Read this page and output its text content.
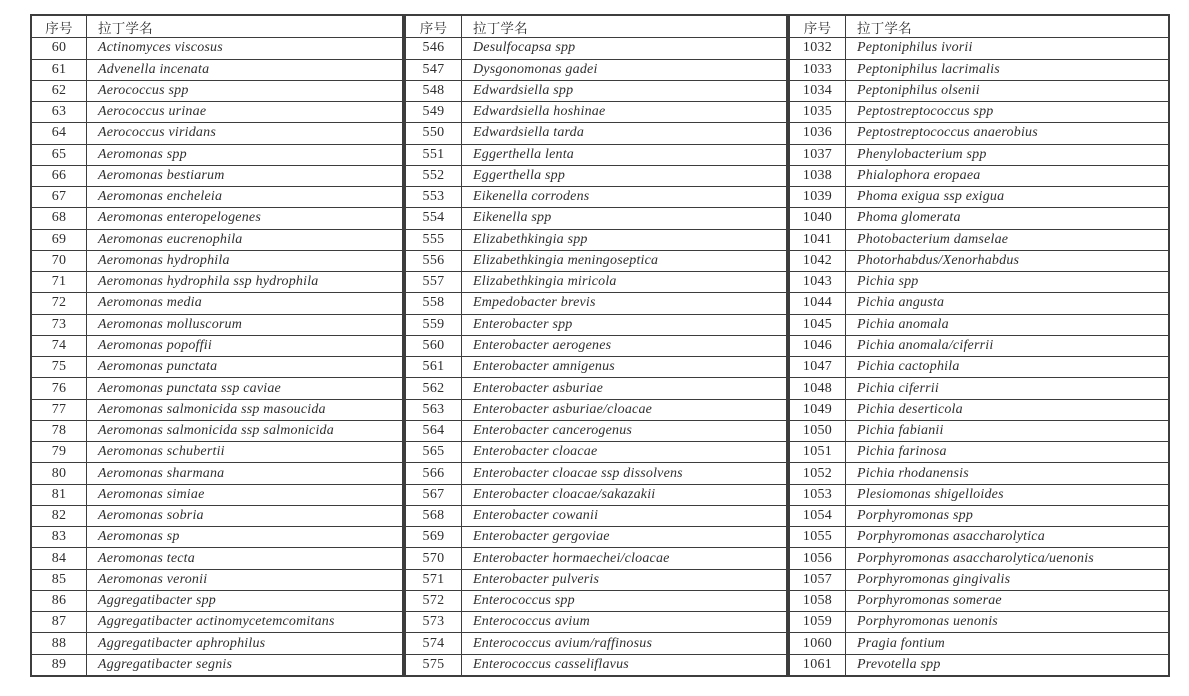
序号	拉丁学名
60	Actinomyces viscosus
61	Advenella incenata
62	Aerococcus spp
63	Aerococcus urinae
64	Aerococcus viridans
65	Aeromonas spp
66	Aeromonas bestiarum
67	Aeromonas encheleia
68	Aeromonas enteropelogenes
69	Aeromonas eucrenophila
70	Aeromonas hydrophila
71	Aeromonas hydrophila ssp hydrophila
72	Aeromonas media
73	Aeromonas molluscorum
74	Aeromonas popoffii
75	Aeromonas punctata
76	Aeromonas punctata ssp caviae
77	Aeromonas salmonicida ssp masoucida
78	Aeromonas salmonicida ssp salmonicida
79	Aeromonas schubertii
80	Aeromonas sharmana
81	Aeromonas simiae
82	Aeromonas sobria
83	Aeromonas sp
84	Aeromonas tecta
85	Aeromonas veronii
86	Aggregatibacter spp
87	Aggregatibacter actinomycetemcomitans
88	Aggregatibacter aphrophilus
89	Aggregatibacter segnis
序号	拉丁学名
546	Desulfocapsa spp
547	Dysgonomonas gadei
548	Edwardsiella spp
549	Edwardsiella hoshinae
550	Edwardsiella tarda
551	Eggerthella lenta
552	Eggerthella spp
553	Eikenella corrodens
554	Eikenella spp
555	Elizabethkingia spp
556	Elizabethkingia meningoseptica
557	Elizabethkingia miricola
558	Empedobacter brevis
559	Enterobacter spp
560	Enterobacter aerogenes
561	Enterobacter amnigenus
562	Enterobacter asburiae
563	Enterobacter asburiae/cloacae
564	Enterobacter cancerogenus
565	Enterobacter cloacae
566	Enterobacter cloacae ssp dissolvens
567	Enterobacter cloacae/sakazakii
568	Enterobacter cowanii
569	Enterobacter gergoviae
570	Enterobacter hormaechei/cloacae
571	Enterobacter pulveris
572	Enterococcus spp
573	Enterococcus avium
574	Enterococcus avium/raffinosus
575	Enterococcus casseliflavus
序号	拉丁学名
1032	Peptoniphilus ivorii
1033	Peptoniphilus lacrimalis
1034	Peptoniphilus olsenii
1035	Peptostreptococcus spp
1036	Peptostreptococcus anaerobius
1037	Phenylobacterium spp
1038	Phialophora eropaea
1039	Phoma exigua ssp exigua
1040	Phoma glomerata
1041	Photobacterium damselae
1042	Photorhabdus/Xenorhabdus
1043	Pichia spp
1044	Pichia angusta
1045	Pichia anomala
1046	Pichia anomala/ciferrii
1047	Pichia cactophila
1048	Pichia ciferrii
1049	Pichia deserticola
1050	Pichia fabianii
1051	Pichia farinosa
1052	Pichia rhodanensis
1053	Plesiomonas shigelloides
1054	Porphyromonas spp
1055	Porphyromonas asaccharolytica
1056	Porphyromonas asaccharolytica/uenonis
1057	Porphyromonas gingivalis
1058	Porphyromonas somerae
1059	Porphyromonas uenonis
1060	Pragia fontium
1061	Prevotella spp
